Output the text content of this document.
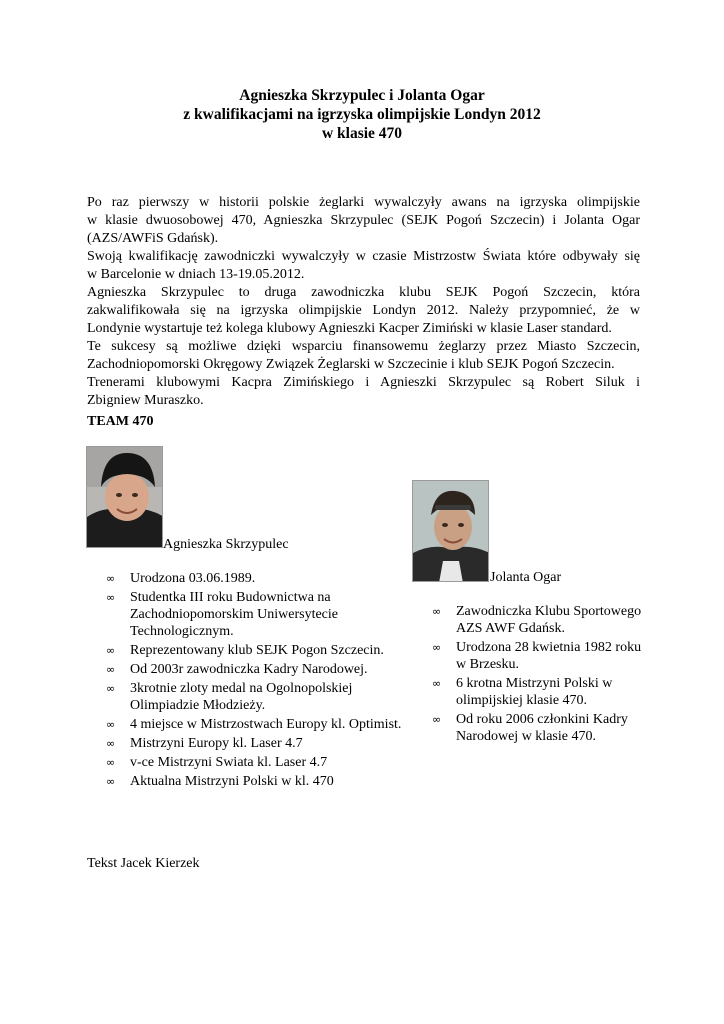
Agnieszka Skrzypulec i Jolanta Ogar
z kwalifikacjami na igrzyska olimpijskie Londyn 2012
w klasie 470
Po raz pierwszy w historii polskie żeglarki wywalczyły awans na igrzyska olimpijskie
w klasie dwuosobowej 470, Agnieszka Skrzypulec (SEJK Pogoń Szczecin) i Jolanta Ogar
(AZS/AWFiS Gdańsk).
Swoją kwalifikację zawodniczki wywalczyły w czasie Mistrzostw Świata które odbywały się
w Barcelonie w dniach 13-19.05.2012.
Agnieszka Skrzypulec to druga zawodniczka klubu SEJK Pogoń Szczecin, która
zakwalifikowała się na igrzyska olimpijskie Londyn 2012. Należy przypomnieć, że w
Londynie wystartuje też kolega klubowy Agnieszki Kacper Zimiński w klasie Laser standard.
Te sukcesy są możliwe dzięki wsparciu finansowemu żeglarzy przez Miasto Szczecin,
Zachodniopomorski Okręgowy Związek Żeglarski w Szczecinie i klub SEJK Pogoń Szczecin.
Trenerami klubowymi Kacpra Zimińskiego i Agnieszki Skrzypulec są Robert Siluk i
Zbigniew Muraszko.
TEAM 470
Agnieszka Skrzypulec
Jolanta Ogar
∞ Urodzona 03.06.1989.
∞ Studentka III roku Budownictwa na Zachodniopomorskim Uniwersytecie Technologicznym.
∞ Reprezentowany klub SEJK Pogon Szczecin.
∞ Od 2003r zawodniczka Kadry Narodowej.
∞ 3krotnie zloty medal na Ogolnopolskiej Olimpiadzie Młodzieży.
∞ 4 miejsce w Mistrzostwach Europy kl. Optimist.
∞ Mistrzyni Europy kl. Laser 4.7
∞ v-ce Mistrzyni Swiata kl. Laser 4.7
∞ Aktualna Mistrzyni Polski w kl. 470
∞ Zawodniczka Klubu Sportowego AZS AWF Gdańsk.
∞ Urodzona 28 kwietnia 1982 roku w Brzesku.
∞ 6 krotna Mistrzyni Polski w olimpijskiej klasie 470.
∞ Od roku 2006 członkini Kadry Narodowej w klasie 470.
Tekst Jacek Kierzek
